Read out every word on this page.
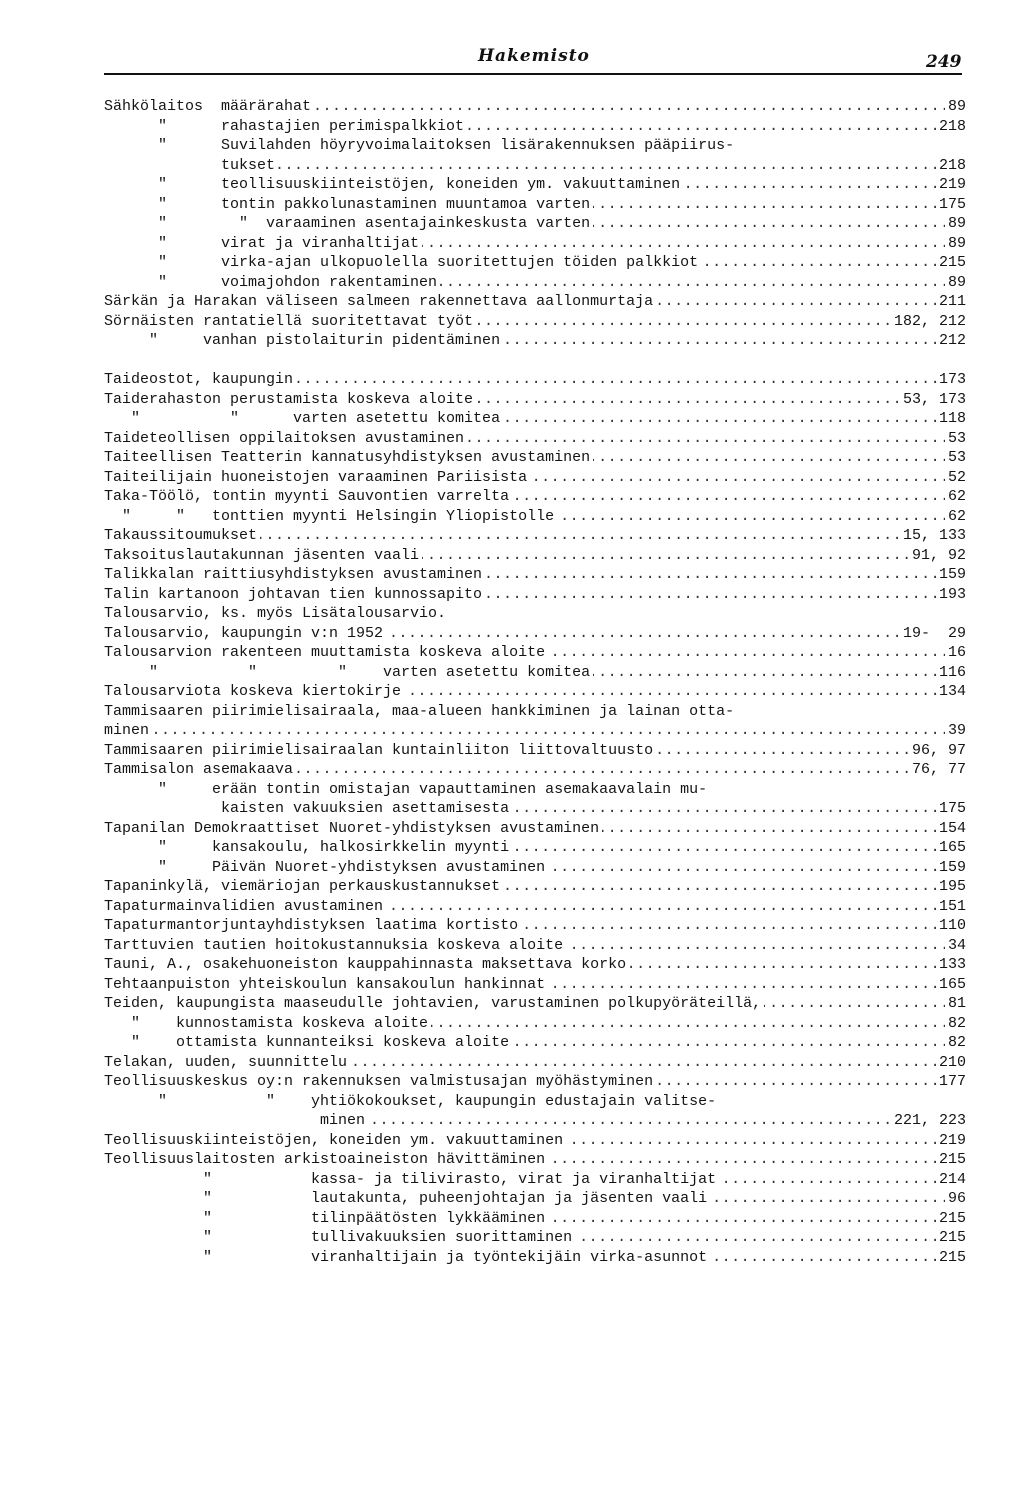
Hakemisto	249
.....
Sähkölaitos  määrärahat	89
.....
"      rahastajien perimispalkkiot	218
"      Suvilahden höyryvoimalaitoksen lisärakennuksen pääpiirus-
.....
tukset	218
.....
"      teollisuuskiinteistöjen, koneiden ym. vakuuttaminen	219
.....
"      tontin pakkolunastaminen muuntamoa varten	175
.....
"        "  varaaminen asentajainkeskusta varten	89
.....
"      virat ja viranhaltijat	89
.....
"      virka-ajan ulkopuolella suoritettujen töiden palkkiot	215
.....
"      voimajohdon rakentaminen	89
.....
Särkän ja Harakan väliseen salmeen rakennettava aallonmurtaja	211
.....
Sörnäisten rantatiellä suoritettavat työt	182, 212
.....
"     vanhan pistolaiturin pidentäminen	212
.....
Taideostot, kaupungin	173
.....
Taiderahaston perustamista koskeva aloite	53, 173
.....
"          "      varten asetettu komitea	118
.....
Taideteollisen oppilaitoksen avustaminen	53
.....
Taiteellisen Teatterin kannatusyhdistyksen avustaminen	53
.....
Taiteilijain huoneistojen varaaminen Pariisista	52
.....
Taka-Töölö, tontin myynti Sauvontien varrelta	62
.....
"     "   tonttien myynti Helsingin Yliopistolle	62
.....
Takaussitoumukset	15, 133
.....
Taksoituslautakunnan jäsenten vaali	91, 92
.....
Talikkalan raittiusyhdistyksen avustaminen	159
.....
Talin kartanoon johtavan tien kunnossapito	193
Talousarvio, ks. myös Lisätalousarvio.
.....
Talousarvio, kaupungin v:n 1952	19-  29
.....
Talousarvion rakenteen muuttamista koskeva aloite	16
.....
"          "         "    varten asetettu komitea	116
.....
Talousarviota koskeva kiertokirje	134
Tammisaaren piirimielisairaala, maa-alueen hankkiminen ja lainan otta-
.....
minen	39
.....
Tammisaaren piirimielisairaalan kuntainliiton liittovaltuusto	96, 97
.....
Tammisalon asemakaava	76, 77
"     erään tontin omistajan vapauttaminen asemakaavalain mu-
.....
kaisten vakuuksien asettamisesta	175
.....
Tapanilan Demokraattiset Nuoret-yhdistyksen avustaminen	154
.....
"     kansakoulu, halkosirkkelin myynti	165
.....
"     Päivän Nuoret-yhdistyksen avustaminen	159
.....
Tapaninkylä, viemäriojan perkauskustannukset	195
.....
Tapaturmainvalidien avustaminen	151
.....
Tapaturmantorjuntayhdistyksen laatima kortisto	110
.....
Tarttuvien tautien hoitokustannuksia koskeva aloite	34
.....
Tauni, A., osakehuoneiston kauppahinnasta maksettava korko	133
.....
Tehtaanpuiston yhteiskoulun kansakoulun hankinnat	165
.....
Teiden, kaupungista maaseudulle johtavien, varustaminen polkupyöräteillä,	81
.....
"    kunnostamista koskeva aloite	82
.....
"    ottamista kunnanteiksi koskeva aloite	82
.....
Telakan, uuden, suunnittelu	210
.....
Teollisuuskeskus oy:n rakennuksen valmistusajan myöhästyminen	177
"           "    yhtiökokoukset, kaupungin edustajain valitse-
.....
minen	221, 223
.....
Teollisuuskiinteistöjen, koneiden ym. vakuuttaminen	219
.....
Teollisuuslaitosten arkistoaineiston hävittäminen	215
.....
"           kassa- ja tilivirasto, virat ja viranhaltijat	214
.....
"           lautakunta, puheenjohtajan ja jäsenten vaali	96
.....
"           tilinpäätösten lykkääminen	215
.....
"           tullivakuuksien suorittaminen	215
.....
"           viranhaltijain ja työntekijäin virka-asunnot	215
